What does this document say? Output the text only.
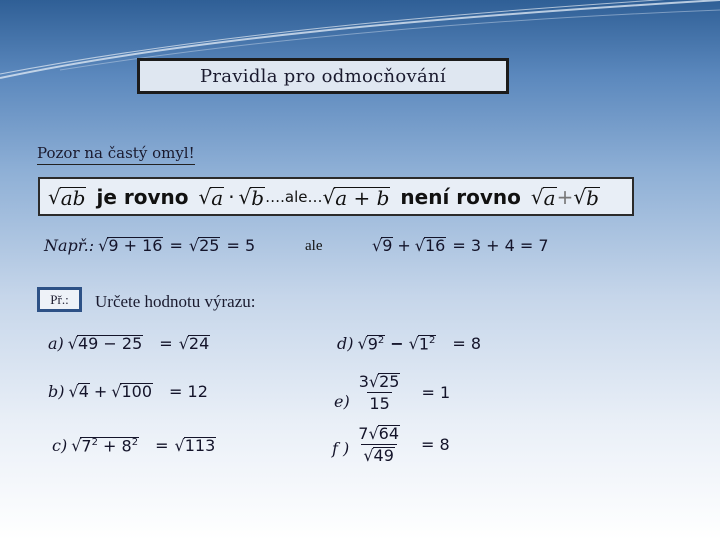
Pravidla pro odmocňování
Pozor na častý omyl!
√ ab je rovno √ a · √ b ….ale… √ a + b není rovno √ a + √ b
Např.: √ 9 + 16 = √ 25 = 5	ale	√ 9 + √ 16 = 3 + 4 = 7
Př.: Určete hodnotu výrazu:
a) √ 49 − 25 = √ 24
b) √ 4 + √ 100 = 12
c) √ $7^2 + 8^2$ = √ 113
d) √ $9^2$ − √ $1^2 = 8$
$e) \frac{3 √ 25}{15} = 1$
f ) $\frac{7 √ 64}{√ 49} = 8$
